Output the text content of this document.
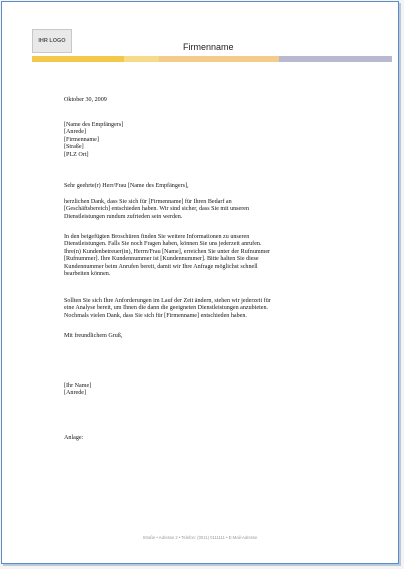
IHR LOGO
Firmenname
Oktober 30, 2009
[Name des Empfängers]
[Anrede]
[Firmenname]
[Straße]
[PLZ Ort]
Sehr geehrte(r) Herr/Frau [Name des Empfängers],
herzlichen Dank, dass Sie sich für [Firmenname] für Ihren Bedarf an
[Geschäftsbereich] entschieden haben. Wir sind sicher, dass Sie mit unseren
Dienstleistungen rundum zufrieden sein werden.
In den beigefügten Broschüren finden Sie weitere Informationen zu unseren
Dienstleistungen. Falls Sie noch Fragen haben, können Sie uns jederzeit anrufen.
Ihre(n) Kundenbetreuer(in), Herrn/Frau [Name], erreichen Sie unter der Rufnummer
[Rufnummer]. Ihre Kundennummer ist [Kundennummer]. Bitte halten Sie diese
Kundennummer beim Anrufen bereit, damit wir Ihre Anfrage möglichst schnell
bearbeiten können.
Sollten Sie sich Ihre Anforderungen im Lauf der Zeit ändern, stehen wir jederzeit für
eine Analyse bereit, um Ihnen die dann die geeigneten Dienstleistungen anzubieten.
Nochmals vielen Dank, dass Sie sich für [Firmenname] entschieden haben.
Mit freundlichem Gruß,
[Ihr Name]
[Anrede]
Anlage:
Straße • Adresse 2 • Telefon: (0011) 0111111 • E-Mail-Adresse
